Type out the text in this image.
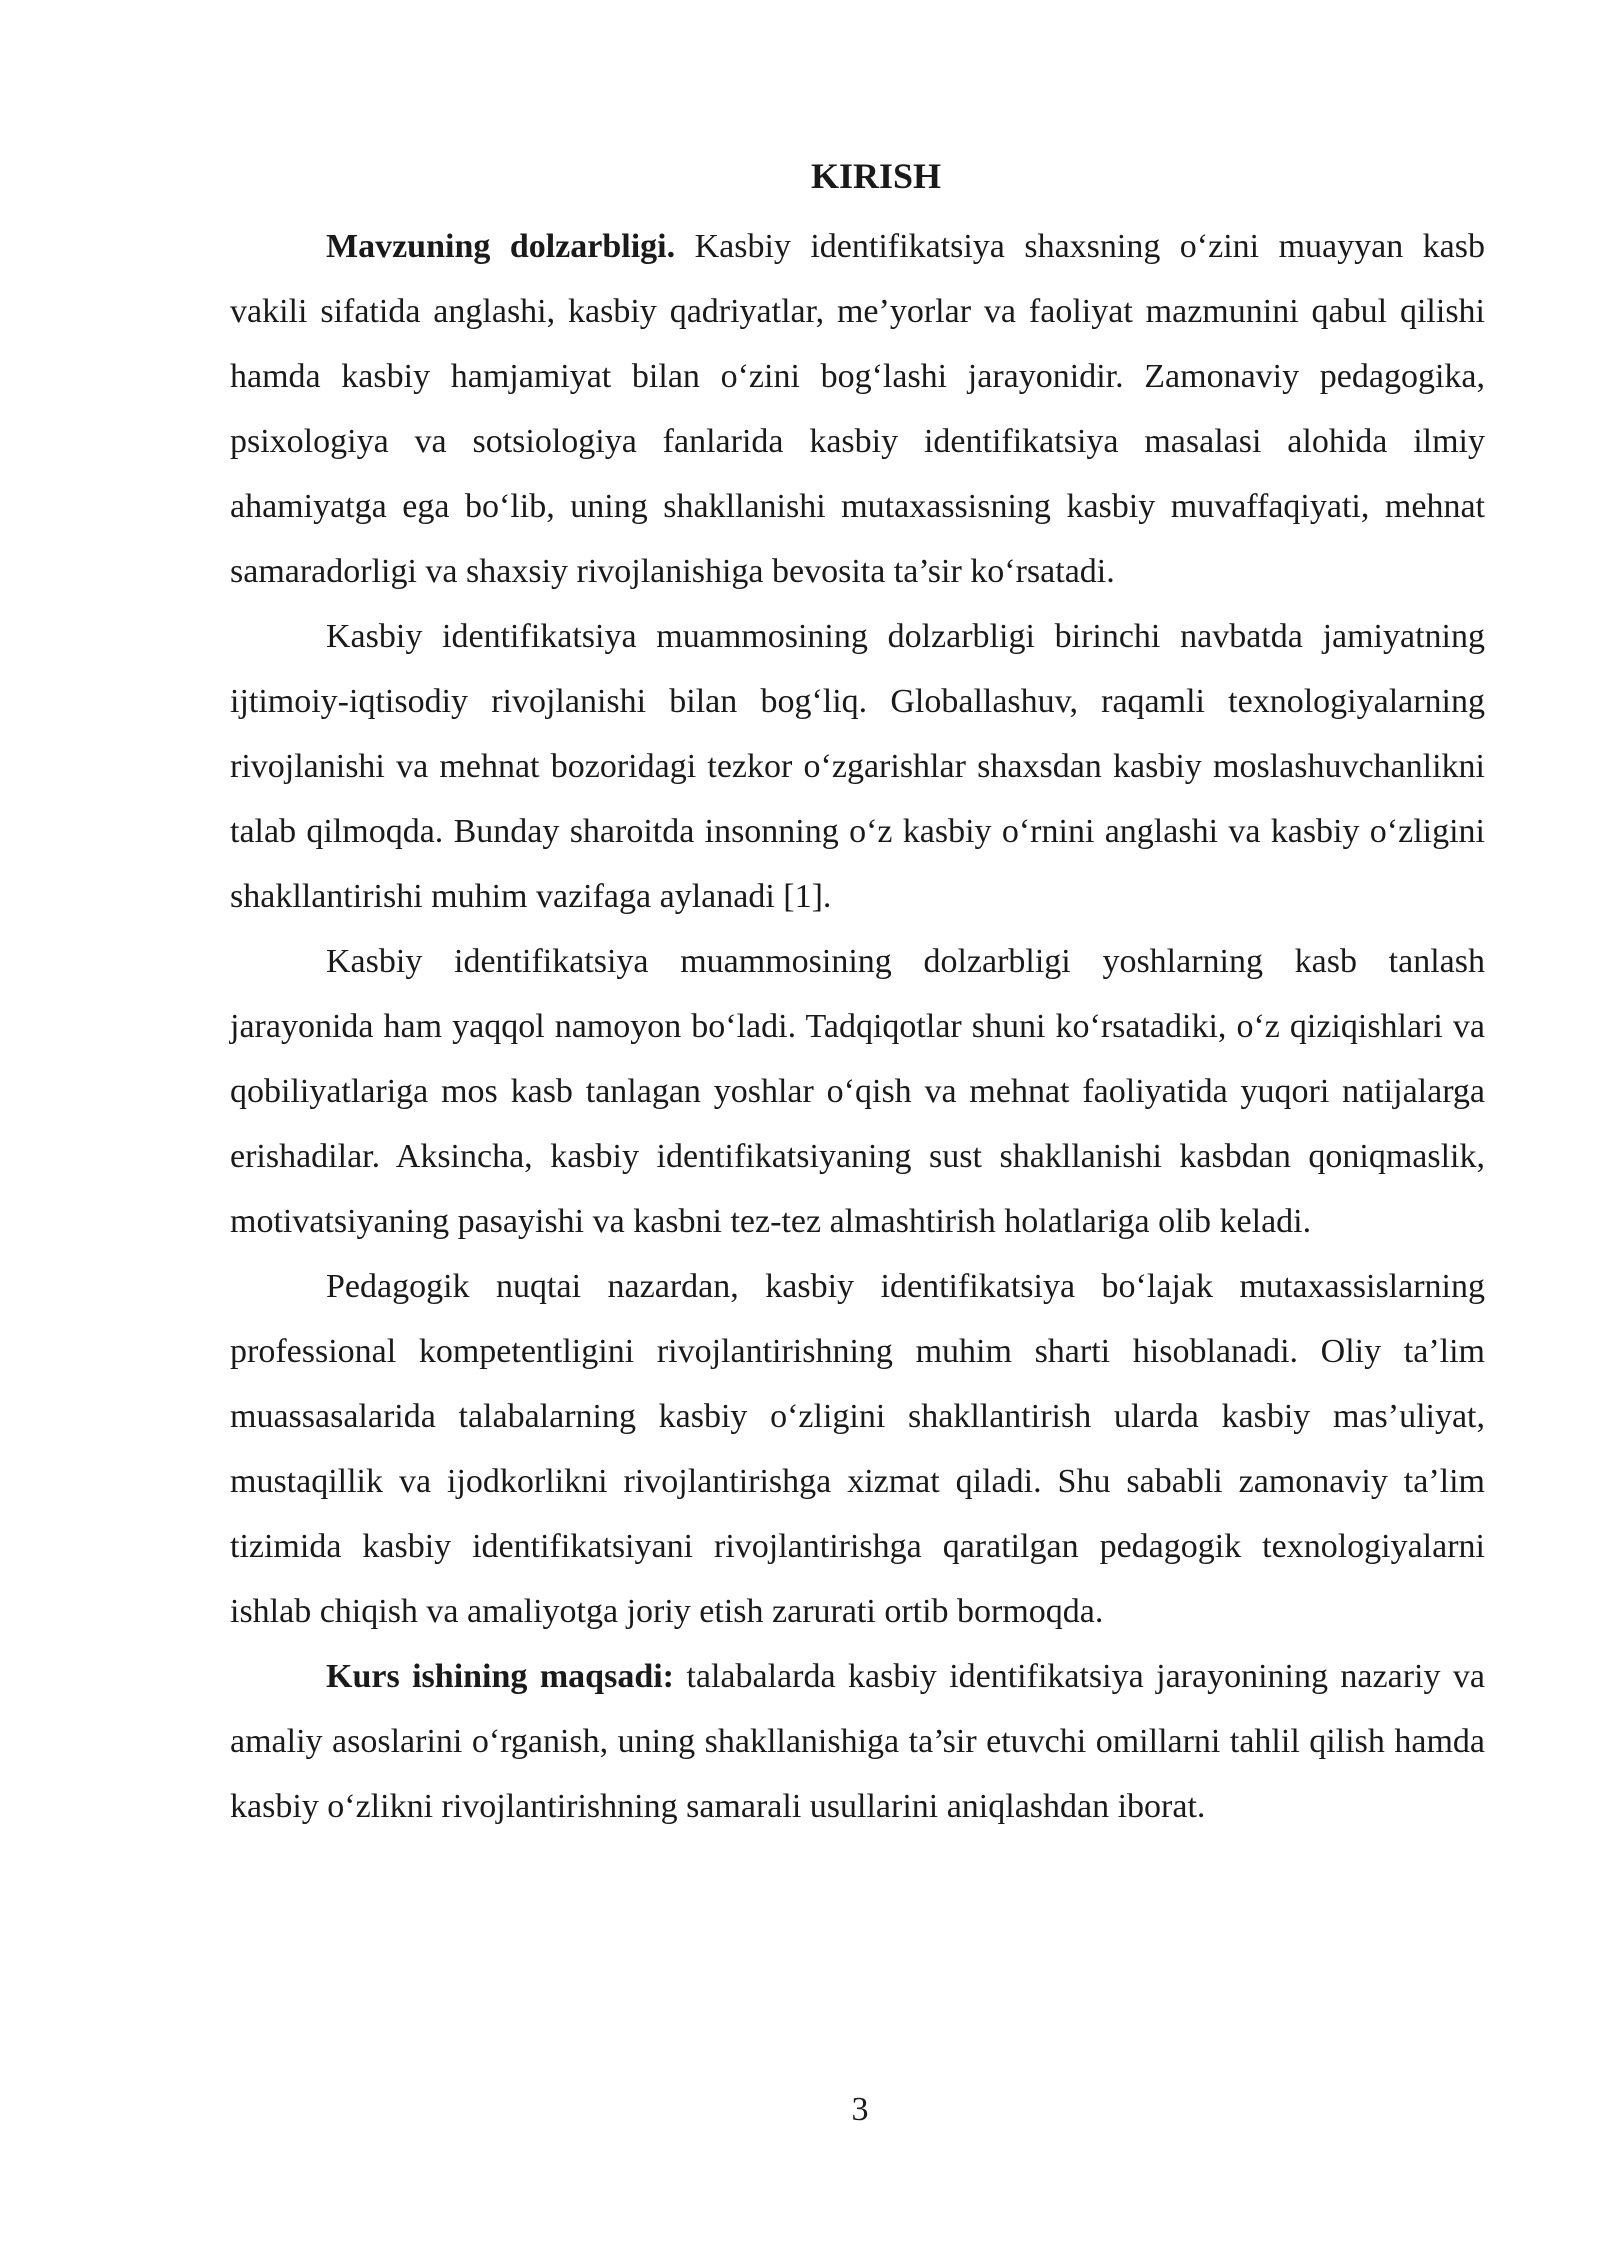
KIRISH

Mavzuning dolzarbligi. Kasbiy identifikatsiya shaxsning o‘zini muayyan kasb vakili sifatida anglashi, kasbiy qadriyatlar, me’yorlar va faoliyat mazmunini qabul qilishi hamda kasbiy hamjamiyat bilan o‘zini bog‘lashi jarayonidir. Zamonaviy pedagogika, psixologiya va sotsiologiya fanlarida kasbiy identifikatsiya masalasi alohida ilmiy ahamiyatga ega bo‘lib, uning shakllanishi mutaxassisning kasbiy muvaffaqiyati, mehnat samaradorligi va shaxsiy rivojlanishiga bevosita ta’sir ko‘rsatadi.

Kasbiy identifikatsiya muammosining dolzarbligi birinchi navbatda jamiyatning ijtimoiy-iqtisodiy rivojlanishi bilan bog‘liq. Globallashuv, raqamli texnologiyalarning rivojlanishi va mehnat bozoridagi tezkor o‘zgarishlar shaxsdan kasbiy moslashuvchanlikni talab qilmoqda. Bunday sharoitda insonning o‘z kasbiy o‘rnini anglashi va kasbiy o‘zligini shakllantirishi muhim vazifaga aylanadi [1].

Kasbiy identifikatsiya muammosining dolzarbligi yoshlarning kasb tanlash jarayonida ham yaqqol namoyon bo‘ladi. Tadqiqotlar shuni ko‘rsatadiki, o‘z qiziqishlari va qobiliyatlariga mos kasb tanlagan yoshlar o‘qish va mehnat faoliyatida yuqori natijalarga erishadilar. Aksincha, kasbiy identifikatsiyaning sust shakllanishi kasbdan qoniqmaslik, motivatsiyaning pasayishi va kasbni tez-tez almashtirish holatlariga olib keladi.

Pedagogik nuqtai nazardan, kasbiy identifikatsiya bo‘lajak mutaxassislarning professional kompetentligini rivojlantirishning muhim sharti hisoblanadi. Oliy ta’lim muassasalarida talabalarning kasbiy o‘zligini shakllantirish ularda kasbiy mas’uliyat, mustaqillik va ijodkorlikni rivojlantirishga xizmat qiladi. Shu sababli zamonaviy ta’lim tizimida kasbiy identifikatsiyani rivojlantirishga qaratilgan pedagogik texnologiyalarni ishlab chiqish va amaliyotga joriy etish zarurati ortib bormoqda.

Kurs ishining maqsadi: talabalarda kasbiy identifikatsiya jarayonining nazariy va amaliy asoslarini o‘rganish, uning shakllanishiga ta’sir etuvchi omillarni tahlil qilish hamda kasbiy o‘zlikni rivojlantirishning samarali usullarini aniqlashdan iborat.

3
